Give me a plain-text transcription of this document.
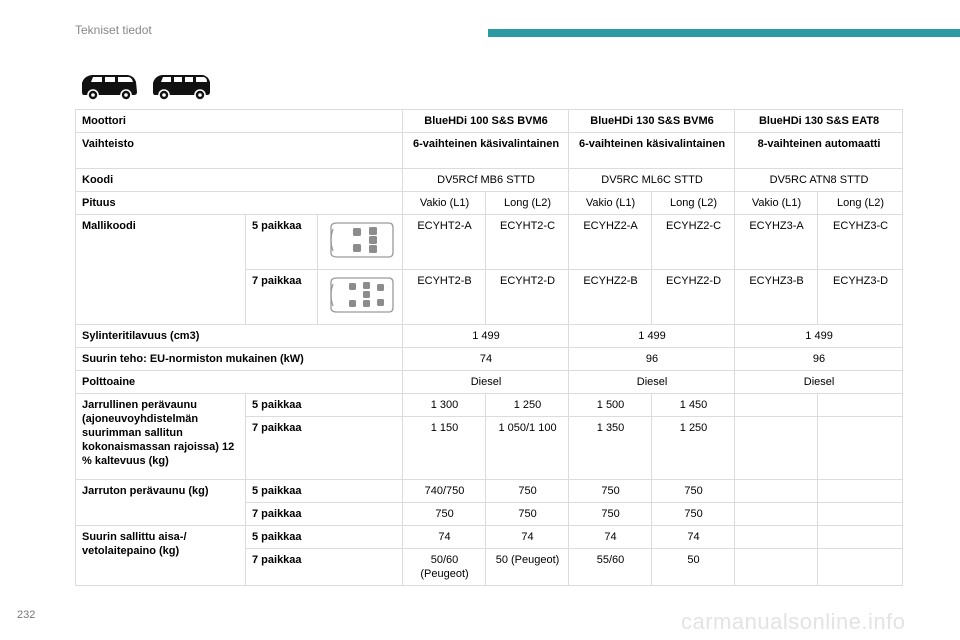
Tekniset tiedot
Moottori			BlueHDi 100 S&S BVM6		BlueHDi 130 S&S BVM6		BlueHDi 130 S&S EAT8	
Vaihteisto			6-vaihteinen käsivalintainen		6-vaihteinen käsivalintainen		8-vaihteinen automaatti	
Koodi			DV5RCf MB6 STTD		DV5RC ML6C STTD		DV5RC ATN8 STTD	
Pituus			Vakio (L1)	Long (L2)	Vakio (L1)	Long (L2)	Vakio (L1)	Long (L2)
Mallikoodi	5 paikkaa		ECYHT2-A	ECYHT2-C	ECYHZ2-A	ECYHZ2-C	ECYHZ3-A	ECYHZ3-C
	7 paikkaa		ECYHT2-B	ECYHT2-D	ECYHZ2-B	ECYHZ2-D	ECYHZ3-B	ECYHZ3-D
Sylinteritilavuus (cm3)			1 499		1 499		1 499	
Suurin teho: EU-normiston mukainen (kW)			74		96		96	
Polttoaine			Diesel		Diesel		Diesel	
Jarrullinen perävaunu (ajoneuvoyhdistelmän suurimman sallitun kokonaismassan rajoissa) 12 % kaltevuus (kg)	5 paikkaa		1 300	1 250	1 500	1 450		
	7 paikkaa		1 150	1 050/1 100	1 350	1 250		
Jarruton perävaunu (kg)	5 paikkaa		740/750	750	750	750		
	7 paikkaa		750	750	750	750		
Suurin sallittu aisa-/ vetolaitepaino (kg)	5 paikkaa		74	74	74	74		
	7 paikkaa		50/60 (Peugeot)	50 (Peugeot)	55/60	50		
232	carmanualsonline.info
